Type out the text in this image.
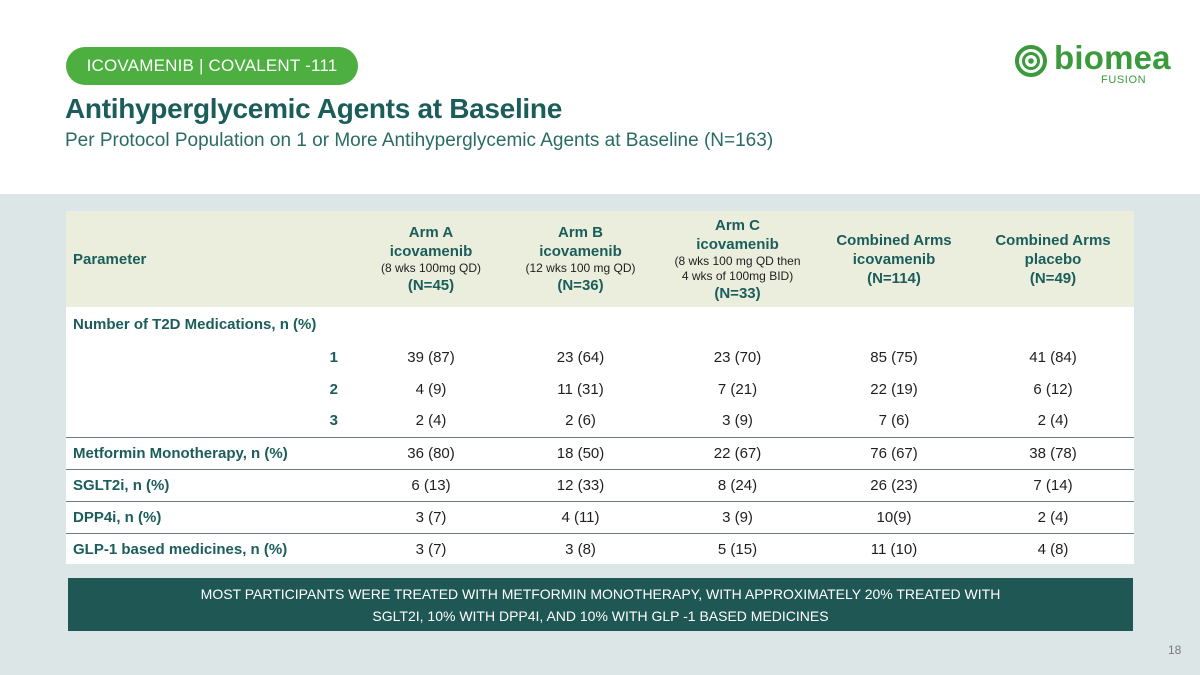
ICOVAMENIB | COVALENT -111	biomea
FUSION
Antihyperglycemic Agents at Baseline
Per Protocol Population on 1 or More Antihyperglycemic Agents at Baseline (N=163)
Parameter	Arm A
icovamenib
(8 wks 100mg QD)
(N=45)	Arm B
icovamenib
(12 wks 100 mg QD)
(N=36)	Arm C
icovamenib
(8 wks 100 mg QD then 4 wks of 100mg BID)
(N=33)	Combined Arms
icovamenib
(N=114)	Combined Arms
placebo
(N=49)

Number of T2D Medications, n (%)					
1	39 (87)	23 (64)	23 (70)	85 (75)	41 (84)
2	4 (9)	11 (31)	7 (21)	22 (19)	6 (12)
3	2 (4)	2 (6)	3 (9)	7 (6)	2 (4)
Metformin Monotherapy, n (%)	36 (80)	18 (50)	22 (67)	76 (67)	38 (78)
SGLT2i, n (%)	6 (13)	12 (33)	8 (24)	26 (23)	7 (14)
DPP4i, n (%)	3 (7)	4 (11)	3 (9)	10(9)	2 (4)
GLP-1 based medicines, n (%)	3 (7)	3 (8)	5 (15)	11 (10)	4 (8)
MOST PARTICIPANTS WERE TREATED WITH METFORMIN MONOTHERAPY, WITH APPROXIMATELY 20% TREATED WITH
SGLT2I, 10% WITH DPP4I, AND 10% WITH GLP -1 BASED MEDICINES
18
